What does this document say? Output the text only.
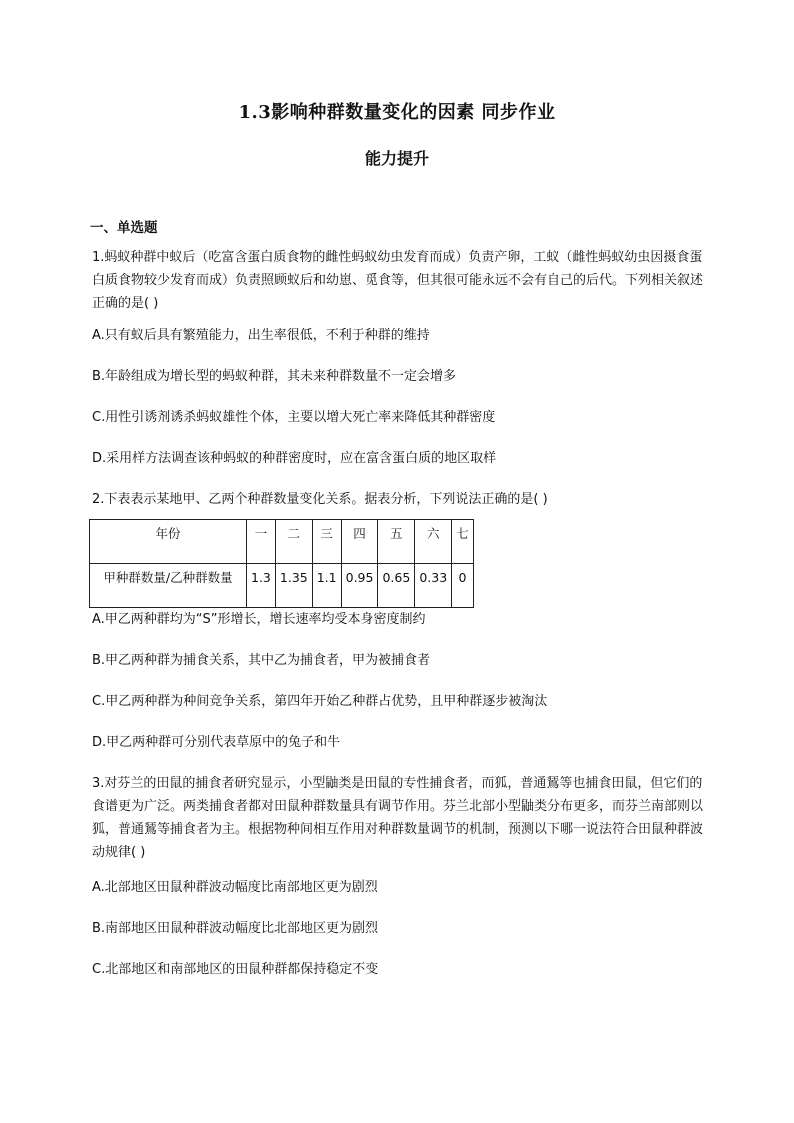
1.3影响种群数量变化的因素 同步作业
能力提升
一、单选题

1.蚂蚁种群中蚁后（吃富含蛋白质食物的雌性蚂蚁幼虫发育而成）负责产卵，工蚁（雌性蚂蚁幼虫因摄食蛋白质食物较少发育而成）负责照顾蚁后和幼崽、觅食等，但其很可能永远不会有自己的后代。下列相关叙述正确的是( )

A.只有蚁后具有繁殖能力，出生率很低，不利于种群的维持

B.年龄组成为增长型的蚂蚁种群，其未来种群数量不一定会增多

C.用性引诱剂诱杀蚂蚁雄性个体，主要以增大死亡率来降低其种群密度

D.采用样方法调查该种蚂蚁的种群密度时，应在富含蛋白质的地区取样

2.下表表示某地甲、乙两个种群数量变化关系。据表分析，下列说法正确的是( )

年份	一	二	三	四	五	六	七
甲种群数量/乙种群数量	1.3	1.35	1.1	0.95	0.65	0.33	0

A.甲乙两种群均为“S”形增长，增长速率均受本身密度制约

B.甲乙两种群为捕食关系，其中乙为捕食者，甲为被捕食者

C.甲乙两种群为种间竞争关系，第四年开始乙种群占优势，且甲种群逐步被淘汰

D.甲乙两种群可分别代表草原中的兔子和牛

3.对芬兰的田鼠的捕食者研究显示，小型鼬类是田鼠的专性捕食者，而狐，普通鵟等也捕食田鼠，但它们的食谱更为广泛。两类捕食者都对田鼠种群数量具有调节作用。芬兰北部小型鼬类分布更多，而芬兰南部则以狐，普通鵟等捕食者为主。根据物种间相互作用对种群数量调节的机制，预测以下哪一说法符合田鼠种群波动规律( )

A.北部地区田鼠种群波动幅度比南部地区更为剧烈

B.南部地区田鼠种群波动幅度比北部地区更为剧烈

C.北部地区和南部地区的田鼠种群都保持稳定不变
